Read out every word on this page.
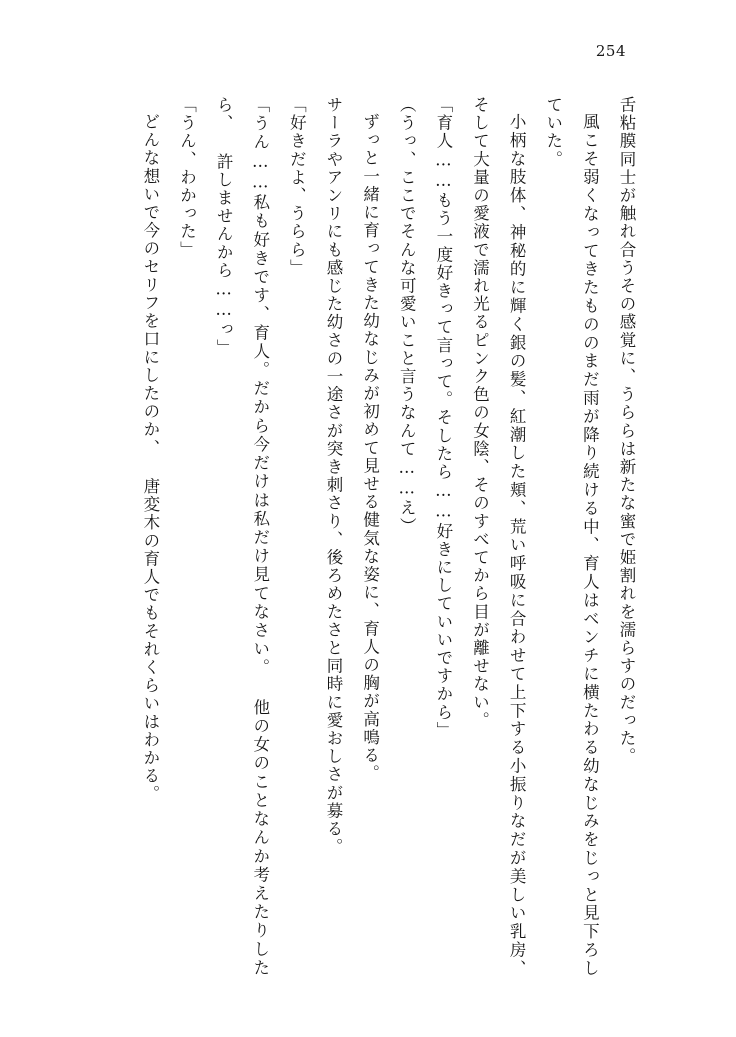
254

舌粘膜同士が触れ合うその感覚に、うららは新たな蜜で姫割れを濡らすのだった。

風こそ弱くなってきたもののまだ雨が降り続ける中、育人はベンチに横たわる幼なじみをじっと見下ろしていた。

小柄な肢体、神秘的に輝く銀の髪、紅潮した頬、荒い呼吸に合わせて上下する小振りなだが美しい乳房、そして大量の愛液で濡れ光るピンク色の女陰、そのすべてから目が離せない。

「育人……もう一度好きって言って。そしたら……好きにしていいですから」

（うっ、ここでそんな可愛いこと言うなんて……え）

ずっと一緒に育ってきた幼なじみが初めて見せる健気な姿に、育人の胸が高鳴る。

サーラやアンリにも感じた幼さの一途さが突き刺さり、後ろめたさと同時に愛おしさが募る。

「好きだよ、うらら」

「うん……私も好きです、育人。だから今だけは私だけ見てなさい。 他の女のことなんか考えたりしたら、 許しませんから……っ」

「うん、わかった」

どんな想いで今のセリフを口にしたのか、 唐変木の育人でもそれくらいはわかる。
